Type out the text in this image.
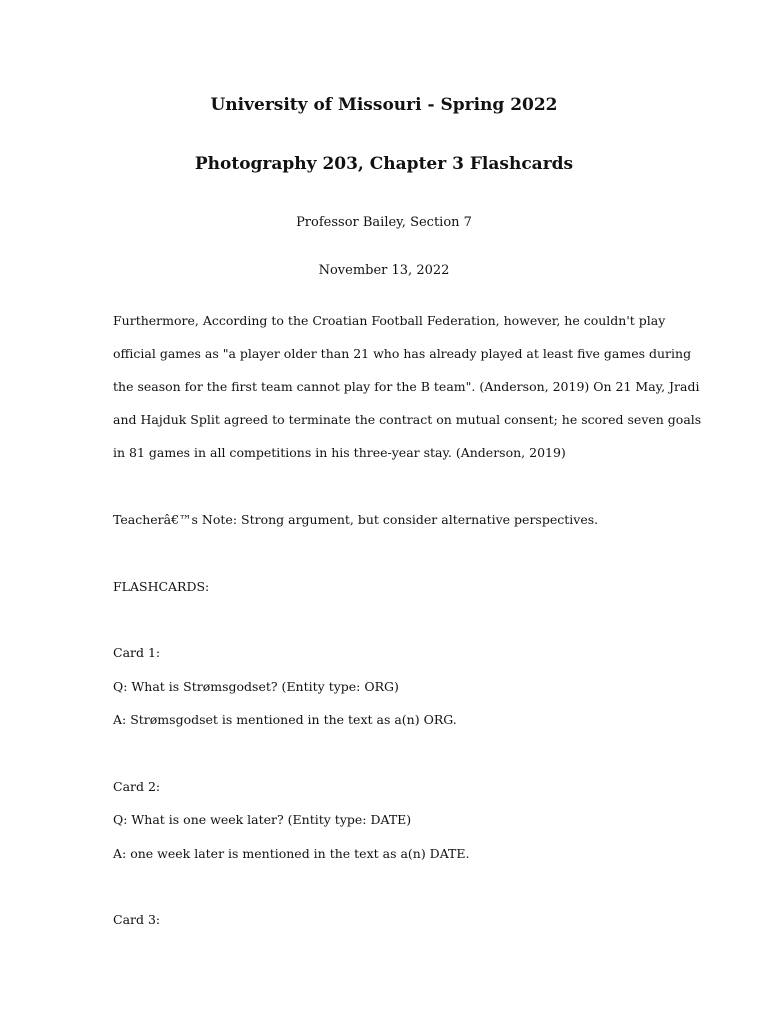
University of Missouri - Spring 2022
Photography 203, Chapter 3 Flashcards
Professor Bailey, Section 7
November 13, 2022
Furthermore, According to the Croatian Football Federation, however, he couldn't play
official games as "a player older than 21 who has already played at least five games during
the season for the first team cannot play for the B team". (Anderson, 2019) On 21 May, Jradi
and Hajduk Split agreed to terminate the contract on mutual consent; he scored seven goals
in 81 games in all competitions in his three-year stay. (Anderson, 2019)
Teacherâ€™s Note: Strong argument, but consider alternative perspectives.
FLASHCARDS:
Card 1:
Q: What is Strømsgodset? (Entity type: ORG)
A: Strømsgodset is mentioned in the text as a(n) ORG.
Card 2:
Q: What is one week later? (Entity type: DATE)
A: one week later is mentioned in the text as a(n) DATE.
Card 3:
